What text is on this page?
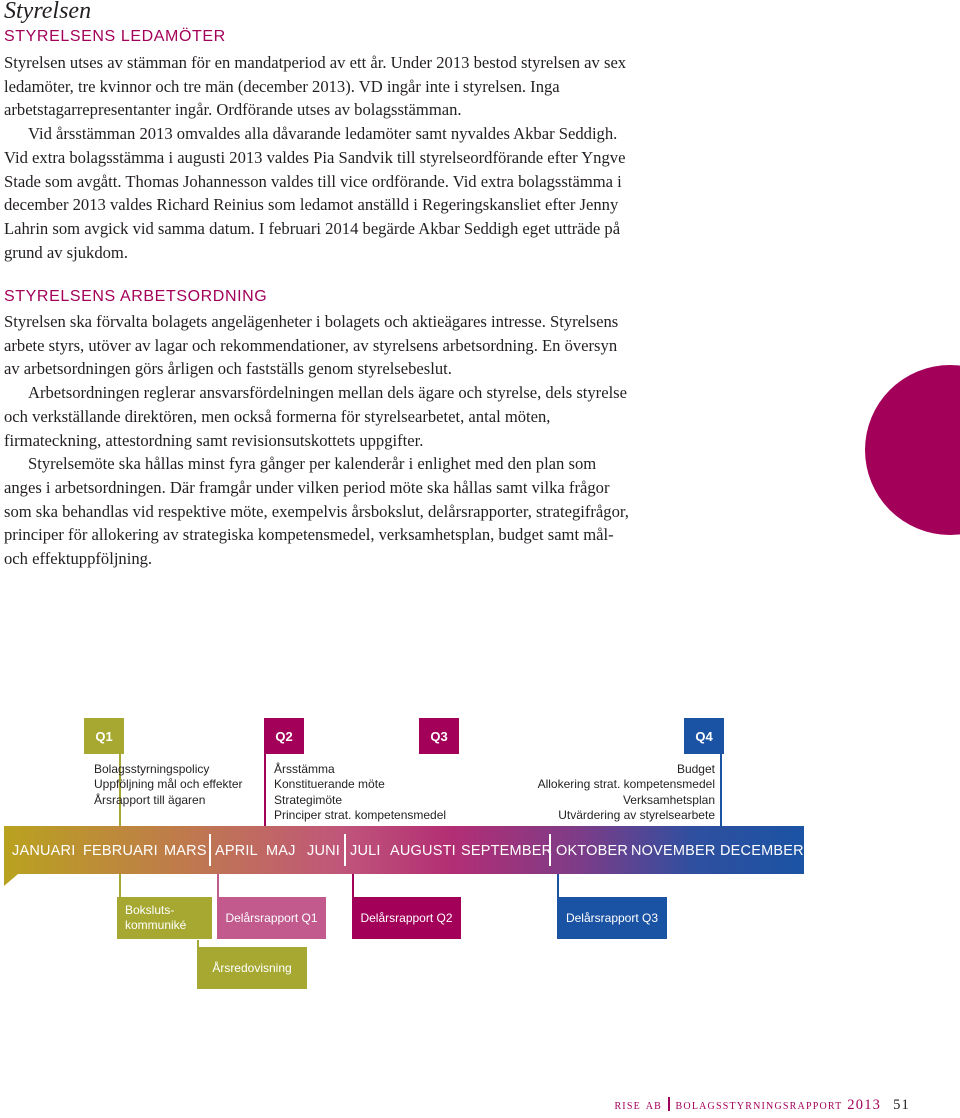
Styrelsen
STYRELSENS LEDAMÖTER

Styrelsen utses av stämman för en mandatperiod av ett år. Under 2013 bestod styrelsen av sex ledamöter, tre kvinnor och tre män (december 2013). VD ingår inte i styrelsen. Inga arbetstagarrepresentanter ingår. Ordförande utses av bolagsstämman.

Vid årsstämman 2013 omvaldes alla dåvarande ledamöter samt nyvaldes Akbar Seddigh. Vid extra bolagsstämma i augusti 2013 valdes Pia Sandvik till styrelseordförande efter Yngve Stade som avgått. Thomas Johannesson valdes till vice ordförande. Vid extra bolagsstämma i december 2013 valdes Richard Reinius som ledamot anställd i Regeringskansliet efter Jenny Lahrin som avgick vid samma datum. I februari 2014 begärde Akbar Seddigh eget utträde på grund av sjukdom.

STYRELSENS ARBETSORDNING

Styrelsen ska förvalta bolagets angelägenheter i bolagets och aktieägares intresse. Styrelsens arbete styrs, utöver av lagar och rekommendationer, av styrelsens arbetsordning. En översyn av arbetsordningen görs årligen och fastställs genom styrelsebeslut.

Arbetsordningen reglerar ansvarsfördelningen mellan dels ägare och styrelse, dels styrelse och verkställande direktören, men också formerna för styrelsearbetet, antal möten, firmateckning, attestordning samt revisionsutskottets uppgifter.

Styrelsemöte ska hållas minst fyra gånger per kalenderår i enlighet med den plan som anges i arbetsordningen. Där framgår under vilken period möte ska hållas samt vilka frågor som ska behandlas vid respektive möte, exempelvis årsbokslut, delårsrapporter, strategifrågor, principer för allokering av strategiska kompetensmedel, verksamhetsplan, budget samt mål- och effektuppföljning.

Q1	Q2	Q3	Q4
Bolagsstyrningspolicy
Uppföljning mål och effekter
Årsrapport till ägaren
Årsstämma
Konstituerande möte
Strategimöte
Principer strat. kompetensmedel
Budget
Allokering strat. kompetensmedel
Verksamhetsplan
Utvärdering av styrelsearbete
JANUARI FEBRUARI MARS APRIL MAJ JUNI JULI AUGUSTI SEPTEMBER OKTOBER NOVEMBER DECEMBER
Boksluts-
kommuniké
Delårsrapport Q1	Delårsrapport Q2	Delårsrapport Q3
Årsredovisning
rise ab bolagsstyrningsrapport 2013 51
